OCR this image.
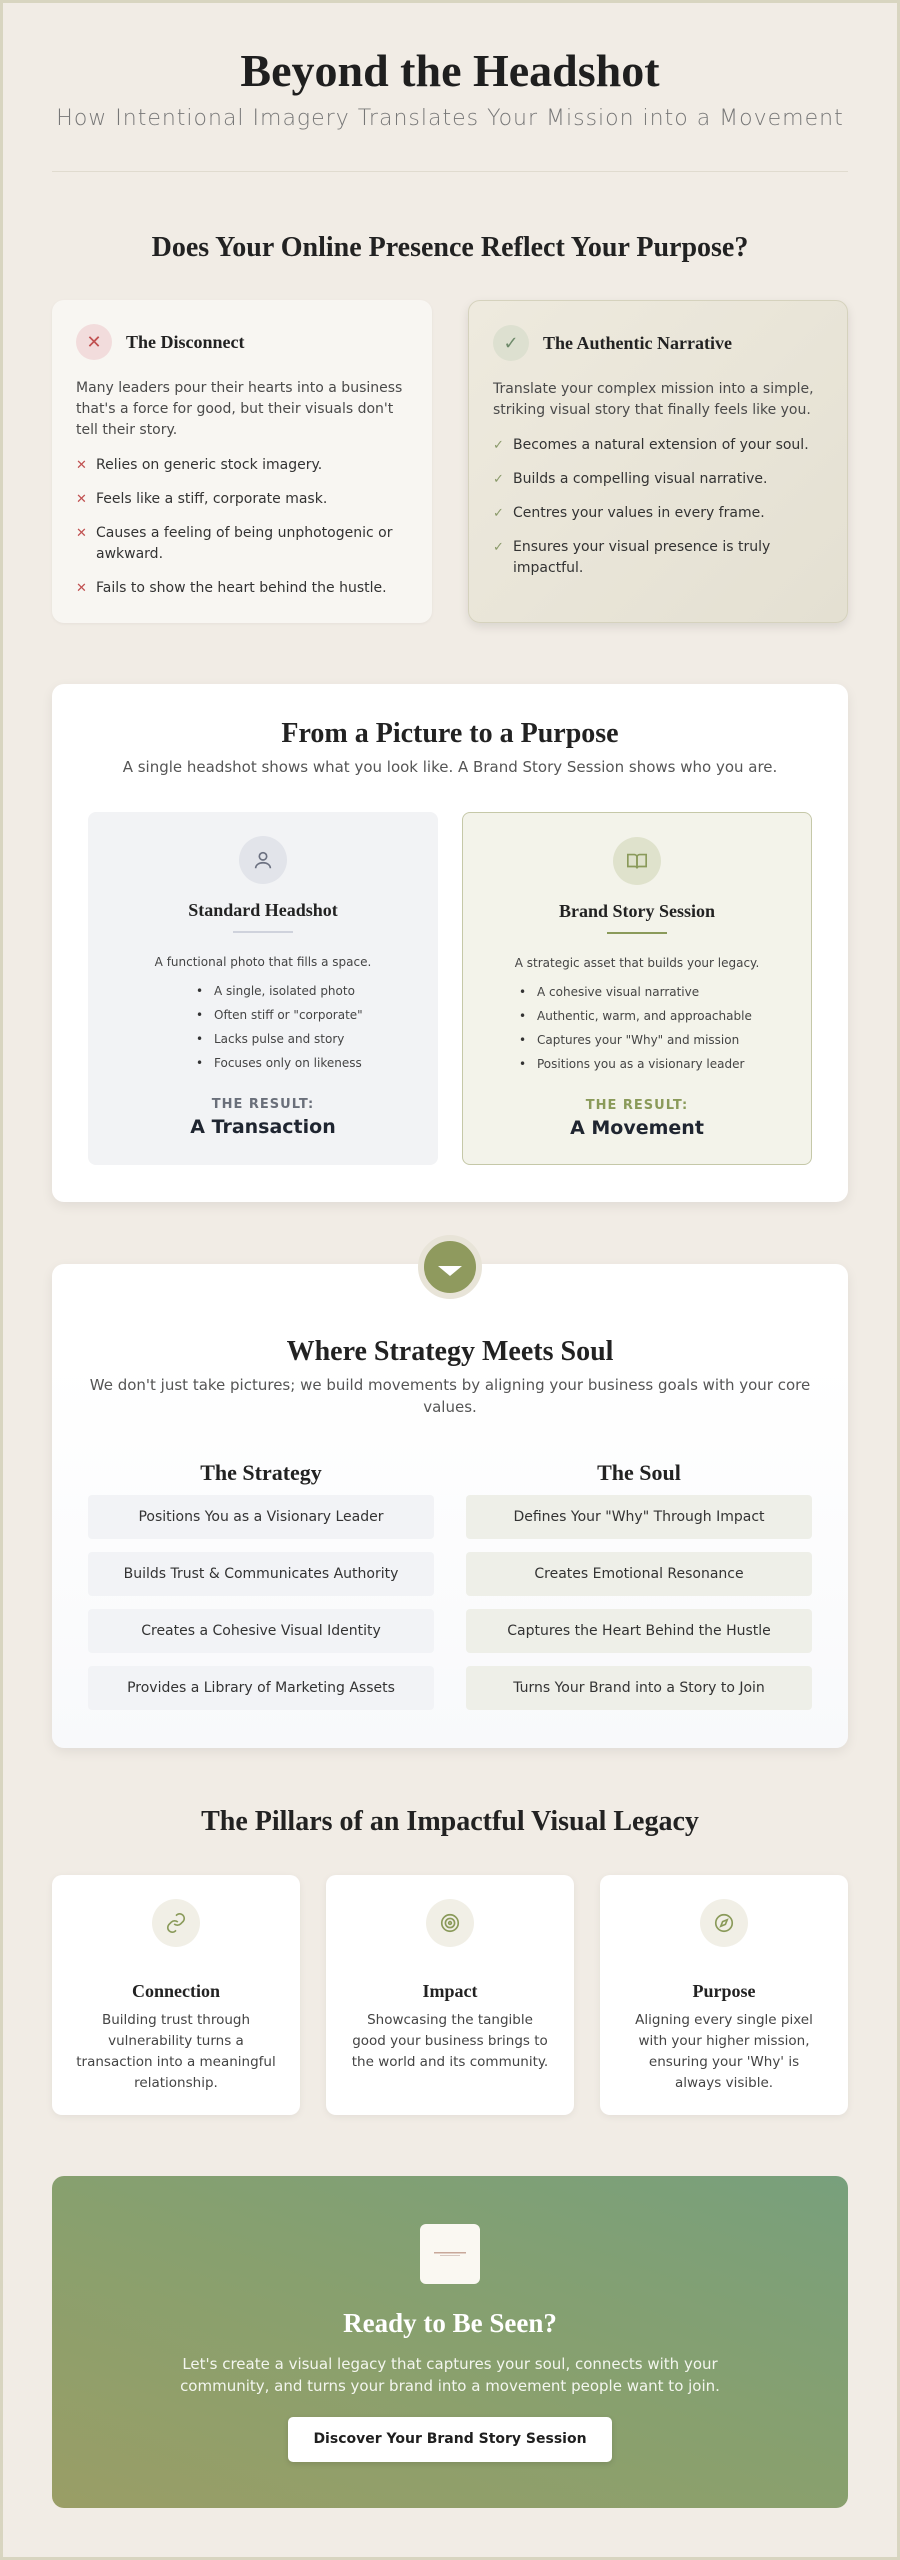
Beyond the Headshot

How Intentional Imagery Translates Your Mission into a Movement

Does Your Online Presence Reflect Your Purpose?
✕	The Disconnect

Many leaders pour their hearts into a business that's a force for good, but their visuals don't tell their story.

✕ Relies on generic stock imagery.
✕ Feels like a stiff, corporate mask.
✕ Causes a feeling of being unphotogenic or awkward.
✕ Fails to show the heart behind the hustle.
✓	The Authentic Narrative

Translate your complex mission into a simple, striking visual story that finally feels like you.

✓ Becomes a natural extension of your soul.
✓ Builds a compelling visual narrative.
✓ Centres your values in every frame.
✓ Ensures your visual presence is truly impactful.
From a Picture to a Purpose

A single headshot shows what you look like. A Brand Story Session shows who you are.

Standard Headshot
A functional photo that fills a space.
• A single, isolated photo
• Often stiff or "corporate"
• Lacks pulse and story
• Focuses only on likeness
THE RESULT:
A Transaction
Brand Story Session
A strategic asset that builds your legacy.
• A cohesive visual narrative
• Authentic, warm, and approachable
• Captures your "Why" and mission
• Positions you as a visionary leader
THE RESULT:
A Movement
Where Strategy Meets Soul

We don't just take pictures; we build movements by aligning your business goals with your core values.

The Strategy	The Soul
Positions You as a Visionary Leader
Builds Trust & Communicates Authority
Creates a Cohesive Visual Identity
Provides a Library of Marketing Assets
Defines Your "Why" Through Impact
Creates Emotional Resonance
Captures the Heart Behind the Hustle
Turns Your Brand into a Story to Join
The Pillars of an Impactful Visual Legacy
Connection

Building trust through vulnerability turns a transaction into a meaningful relationship.

Impact

Showcasing the tangible good your business brings to the world and its community.

Purpose

Aligning every single pixel with your higher mission, ensuring your 'Why' is always visible.

Ready to Be Seen?

Let's create a visual legacy that captures your soul, connects with your community, and turns your brand into a movement people want to join.

Discover Your Brand Story Session
